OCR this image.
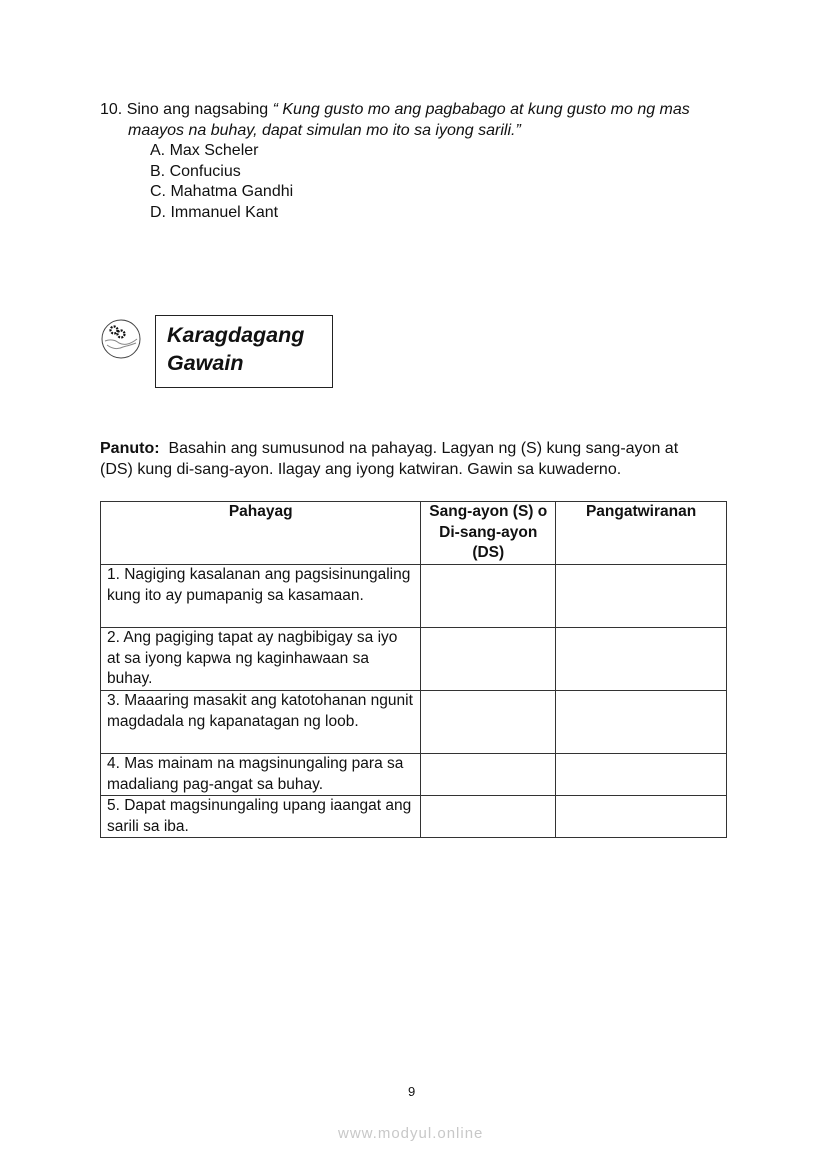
10. Sino ang nagsabing “ Kung gusto mo ang pagbabago at kung gusto mo ng mas
maayos na buhay, dapat simulan mo ito sa iyong sarili.”
A. Max Scheler
B. Confucius
C. Mahatma Gandhi
D. Immanuel Kant
Karagdagang
Gawain
Panuto: Basahin ang sumusunod na pahayag. Lagyan ng (S) kung sang-ayon at
(DS) kung di-sang-ayon. Ilagay ang iyong katwiran. Gawin sa kuwaderno.
Pahayag	Sang-ayon (S) o Di-sang-ayon (DS)	Pangatwiranan
1. Nagiging kasalanan ang pagsisinungaling kung ito ay pumapanig sa kasamaan.		
2. Ang pagiging tapat ay nagbibigay sa iyo at sa iyong kapwa ng kaginhawaan sa buhay.		
3. Maaaring masakit ang katotohanan ngunit magdadala ng kapanatagan ng loob.		
4. Mas mainam na magsinungaling para sa madaliang pag-angat sa buhay.		
5. Dapat magsinungaling upang iaangat ang sarili sa iba.		
9
www.modyul.online
